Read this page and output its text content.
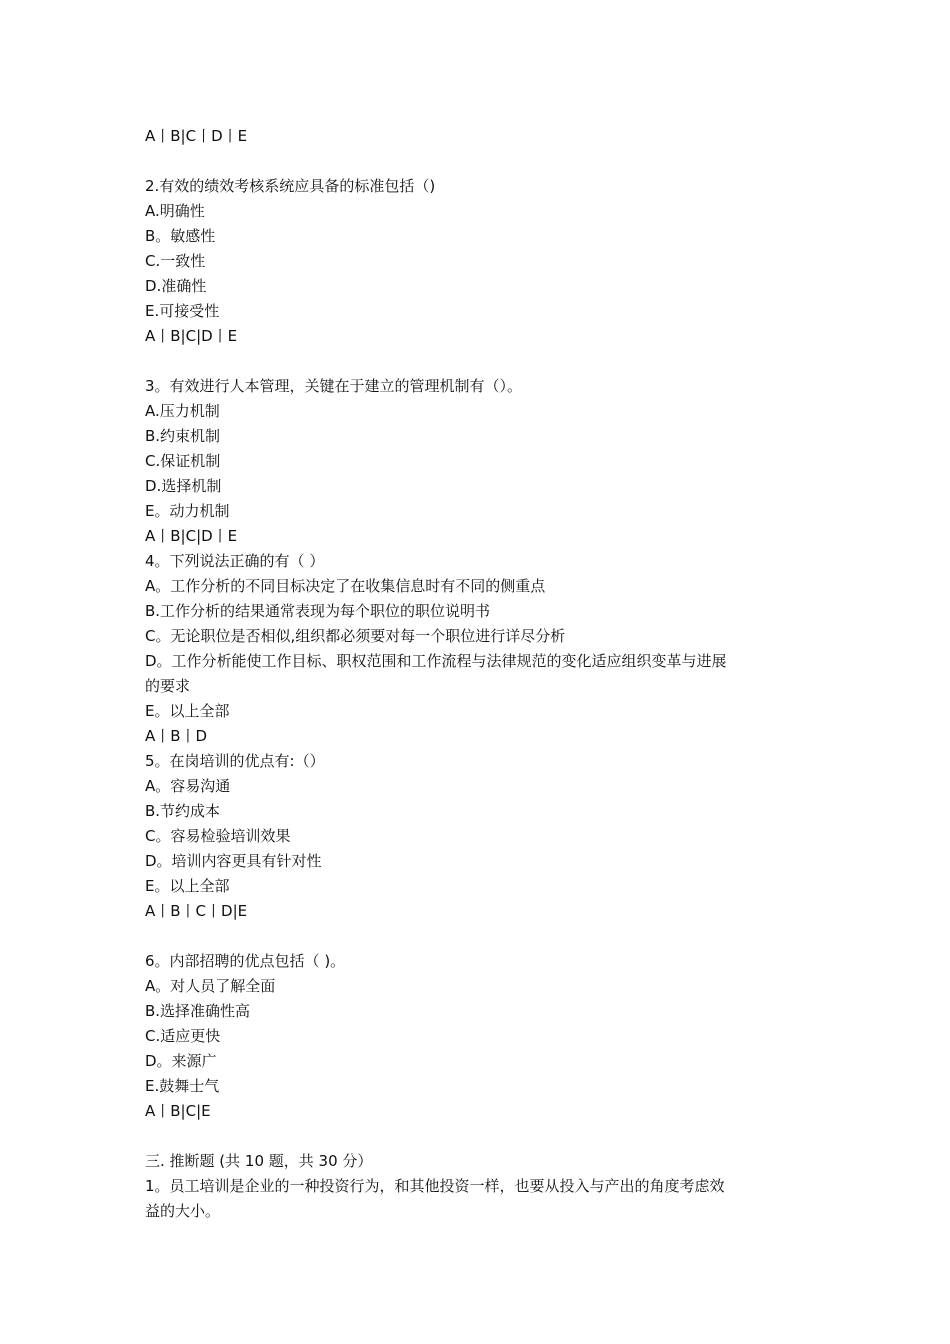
A丨B|C丨D丨E

2.有效的绩效考核系统应具备的标准包括（)

A.明确性

B。敏感性

C.一致性

D.准确性

E.可接受性

A丨B|C|D丨E

3。有效进行人本管理，关键在于建立的管理机制有（）。

A.压力机制

B.约束机制

C.保证机制

D.选择机制

E。动力机制

A丨B|C|D丨E

4。下列说法正确的有（ ）

A。工作分析的不同目标决定了在收集信息时有不同的侧重点

B.工作分析的结果通常表现为每个职位的职位说明书

C。无论职位是否相似,组织都必须要对每一个职位进行详尽分析

D。工作分析能使工作目标、职权范围和工作流程与法律规范的变化适应组织变革与进展

的要求

E。以上全部

A丨B丨D

5。在岗培训的优点有:（）

A。容易沟通

B.节约成本

C。容易检验培训效果

D。培训内容更具有针对性

E。以上全部

A丨B丨C丨D|E

6。内部招聘的优点包括（ )。

A。对人员了解全面

B.选择准确性高

C.适应更快

D。来源广

E.鼓舞士气

A丨B|C|E

三. 推断题 (共 10 题，共 30 分）

1。员工培训是企业的一种投资行为，和其他投资一样，也要从投入与产出的角度考虑效

益的大小。
